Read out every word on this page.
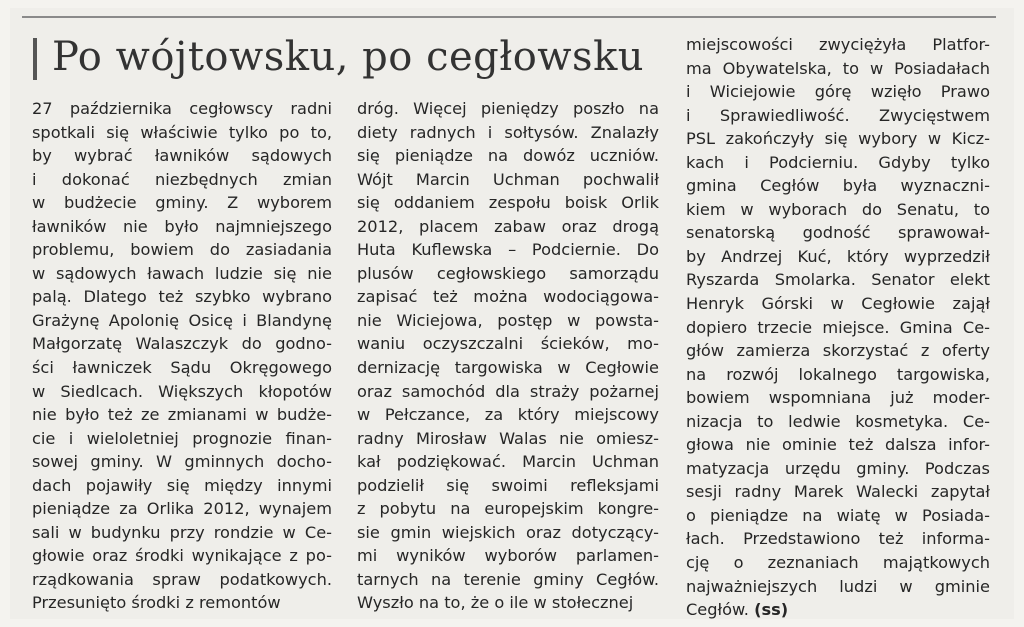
Po wójtowsku, po cegłowsku

27 października cegłowscy radni

spotkali się właściwie tylko po to,

by wybrać ławników sądowych

i dokonać niezbędnych zmian

w budżecie gminy. Z wyborem

ławników nie było najmniejszego

problemu, bowiem do zasiadania

w sądowych ławach ludzie się nie

palą. Dlatego też szybko wybrano

Grażynę Apolonię Osicę i Blandynę

Małgorzatę Walaszczyk do godno-

ści ławniczek Sądu Okręgowego

w Siedlcach. Większych kłopotów

nie było też ze zmianami w budże-

cie i wieloletniej prognozie finan-

sowej gminy. W gminnych docho-

dach pojawiły się między innymi

pieniądze za Orlika 2012, wynajem

sali w budynku przy rondzie w Ce-

głowie oraz środki wynikające z po-

rządkowania spraw podatkowych.

Przesunięto środki z remontów

dróg. Więcej pieniędzy poszło na

diety radnych i sołtysów. Znalazły

się pieniądze na dowóz uczniów.

Wójt Marcin Uchman pochwalił

się oddaniem zespołu boisk Orlik

2012, placem zabaw oraz drogą

Huta Kuflewska – Podciernie. Do

plusów cegłowskiego samorządu

zapisać też można wodociągowa-

nie Wiciejowa, postęp w powsta-

waniu oczyszczalni ścieków, mo-

dernizację targowiska w Cegłowie

oraz samochód dla straży pożarnej

w Pełczance, za który miejscowy

radny Mirosław Walas nie omiesz-

kał podziękować. Marcin Uchman

podzielił się swoimi refleksjami

z pobytu na europejskim kongre-

sie gmin wiejskich oraz dotyczący-

mi wyników wyborów parlamen-

tarnych na terenie gminy Cegłów.

Wyszło na to, że o ile w stołecznej

miejscowości zwyciężyła Platfor-

ma Obywatelska, to w Posiadałach

i Wiciejowie górę wzięło Prawo

i Sprawiedliwość. Zwycięstwem

PSL zakończyły się wybory w Kicz-

kach i Podcierniu. Gdyby tylko

gmina Cegłów była wyznaczni-

kiem w wyborach do Senatu, to

senatorską godność sprawował-

by Andrzej Kuć, który wyprzedził

Ryszarda Smolarka. Senator elekt

Henryk Górski w Cegłowie zajął

dopiero trzecie miejsce. Gmina Ce-

głów zamierza skorzystać z oferty

na rozwój lokalnego targowiska,

bowiem wspomniana już moder-

nizacja to ledwie kosmetyka. Ce-

głowa nie ominie też dalsza infor-

matyzacja urzędu gminy. Podczas

sesji radny Marek Walecki zapytał

o pieniądze na wiatę w Posiada-

łach. Przedstawiono też informa-

cję o zeznaniach majątkowych

najważniejszych ludzi w gminie

Cegłów. (ss)
